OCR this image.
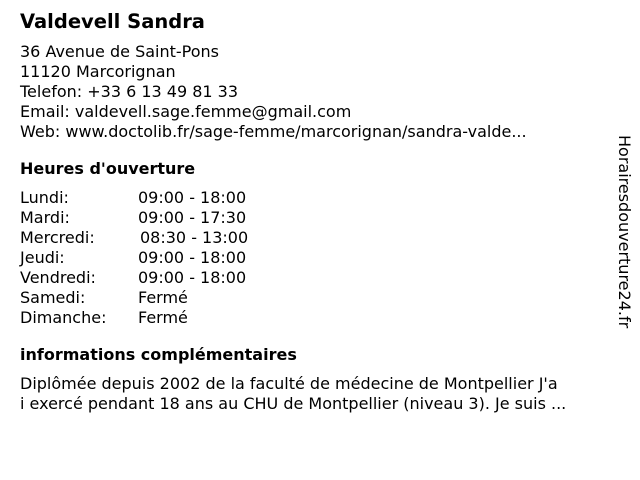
Valdevell Sandra
36 Avenue de Saint-Pons
11120 Marcorignan
Telefon: +33 6 13 49 81 33
Email: valdevell.sage.femme@gmail.com
Web: www.doctolib.fr/sage-femme/marcorignan/sandra-valde...
Heures d'ouverture
Lundi:	09:00 - 18:00
Mardi:	09:00 - 17:30
Mercredi:	08:30 - 13:00
Jeudi:	09:00 - 18:00
Vendredi:	09:00 - 18:00
Samedi:	Fermé
Dimanche: Fermé
informations complémentaires
Diplômée depuis 2002 de la faculté de médecine de Montpellier J'a
i exercé pendant 18 ans au CHU de Montpellier (niveau 3). Je suis ...
Horairesdouverture24.fr
